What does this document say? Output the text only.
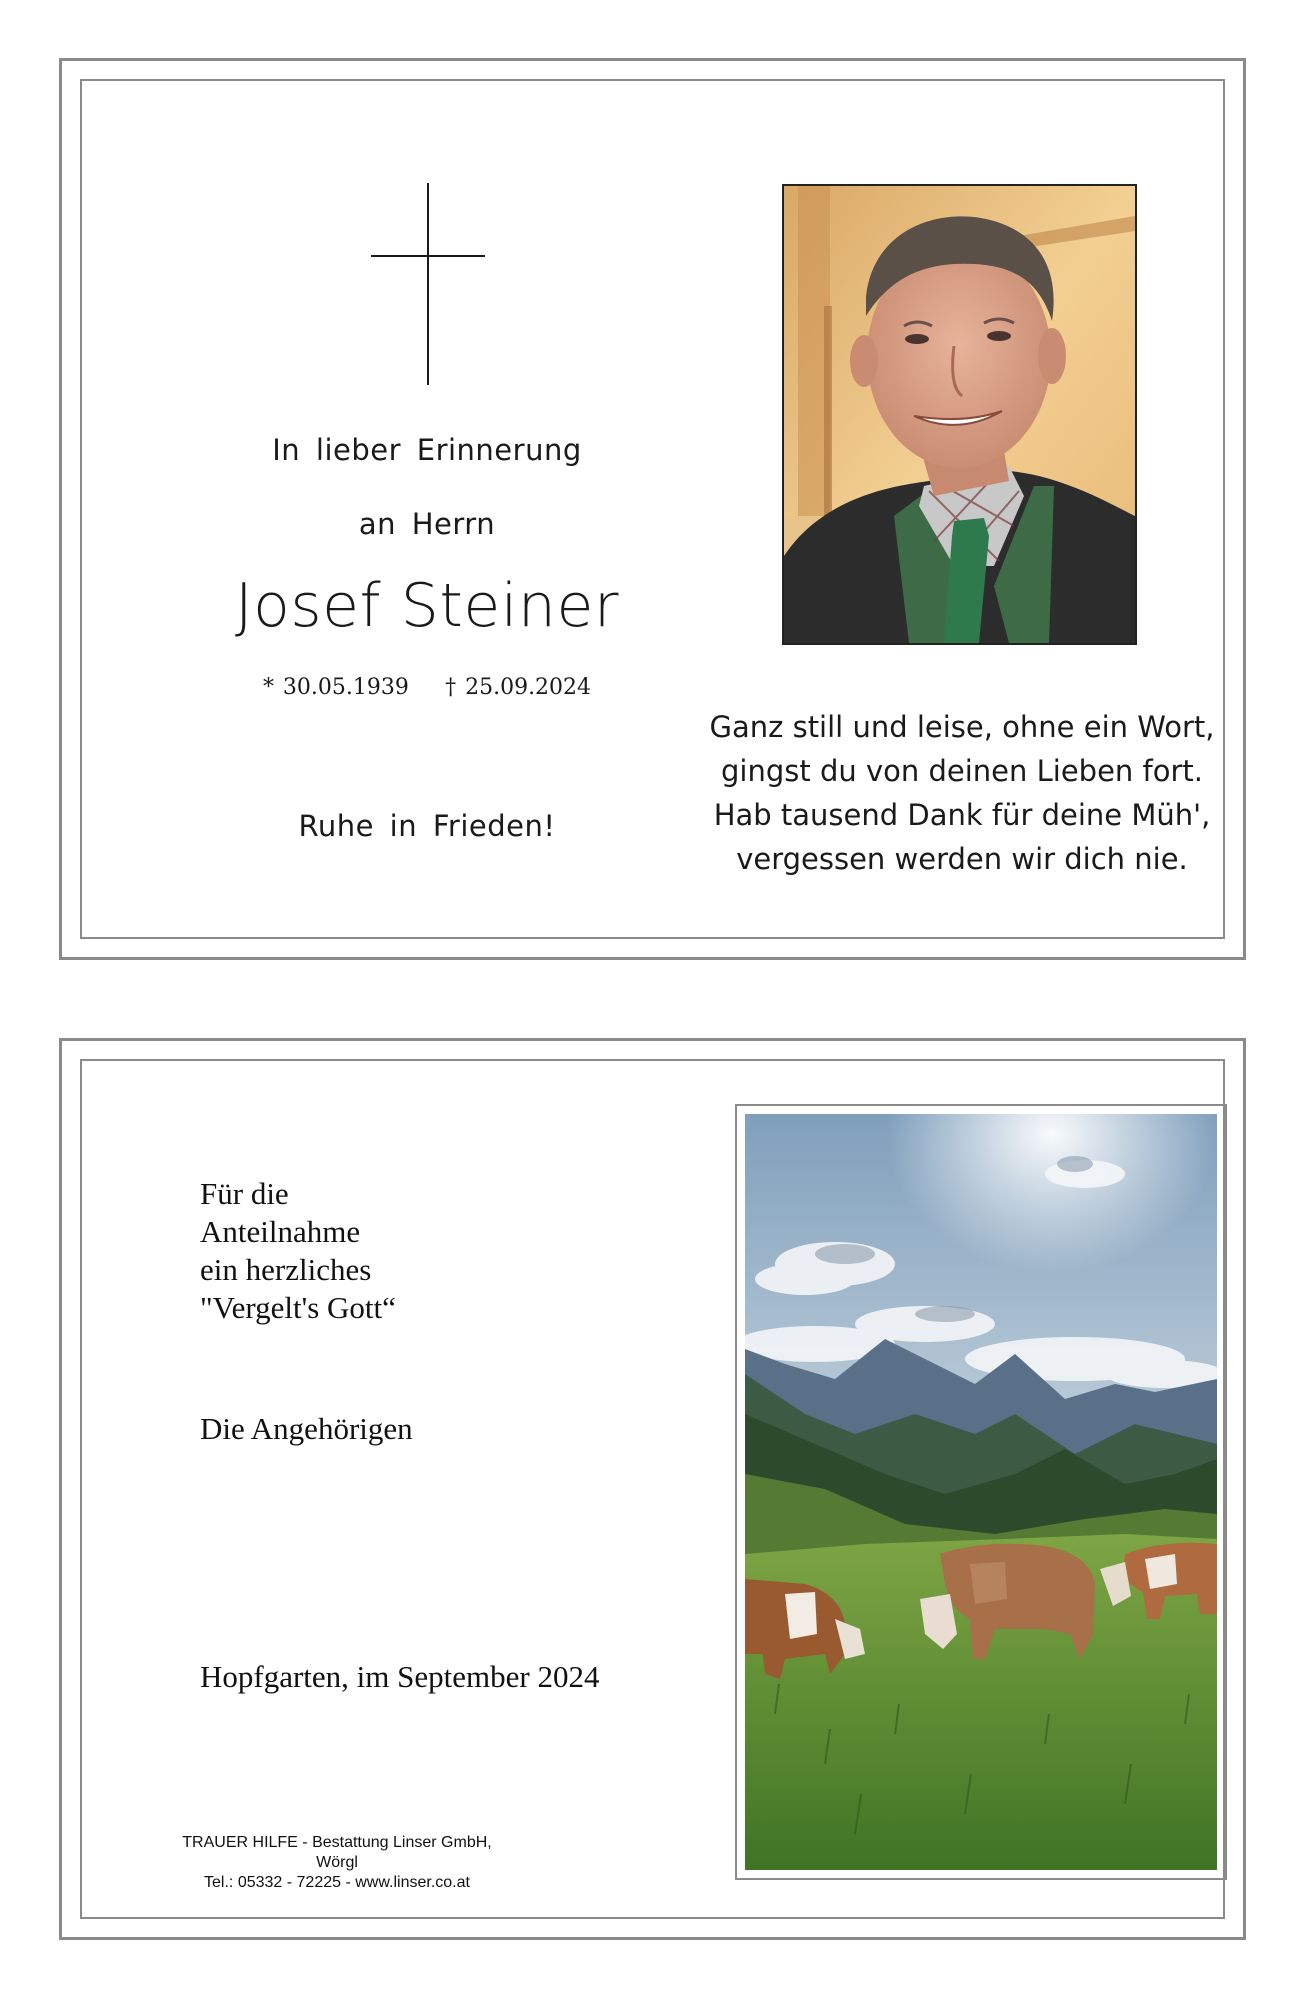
In lieber Erinnerung
an Herrn
Josef Steiner
* 30.05.1939 † 25.09.2024
Ruhe in Frieden!
Ganz still und leise, ohne ein Wort,
gingst du von deinen Lieben fort.
Hab tausend Dank für deine Müh',
vergessen werden wir dich nie.
Für die
Anteilnahme
ein herzliches
"Vergelt's Gott“
Die Angehörigen
Hopfgarten, im September 2024
TRAUER HILFE - Bestattung Linser GmbH, Wörgl
Tel.: 05332 - 72225 - www.linser.co.at
